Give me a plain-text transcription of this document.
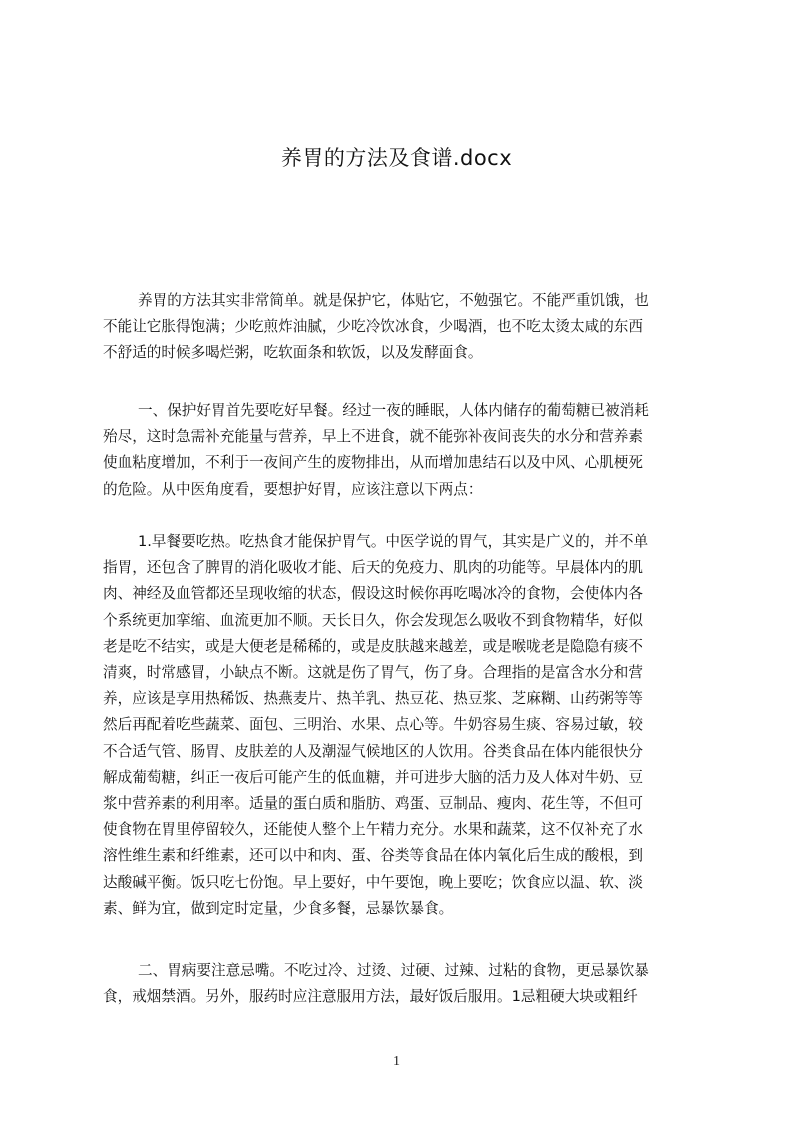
养胃的方法及食谱.docx
养胃的方法其实非常简单。就是保护它，体贴它，不勉强它。不能严重饥饿，也
不能让它胀得饱满；少吃煎炸油腻，少吃冷饮冰食，少喝酒，也不吃太烫太咸的东西
不舒适的时候多喝烂粥，吃软面条和软饭，以及发酵面食。
一、保护好胃首先要吃好早餐。经过一夜的睡眠，人体内储存的葡萄糖已被消耗
殆尽，这时急需补充能量与营养，早上不进食，就不能弥补夜间丧失的水分和营养素
使血粘度增加，不利于一夜间产生的废物排出，从而增加患结石以及中风、心肌梗死
的危险。从中医角度看，要想护好胃，应该注意以下两点：
1.早餐要吃热。吃热食才能保护胃气。中医学说的胃气，其实是广义的，并不单
指胃，还包含了脾胃的消化吸收才能、后天的免疫力、肌肉的功能等。早晨体内的肌
肉、神经及血管都还呈现收缩的状态，假设这时候你再吃喝冰冷的食物，会使体内各
个系统更加挛缩、血流更加不顺。天长日久，你会发现怎么吸收不到食物精华，好似
老是吃不结实，或是大便老是稀稀的，或是皮肤越来越差，或是喉咙老是隐隐有痰不
清爽，时常感冒，小缺点不断。这就是伤了胃气，伤了身。合理指的是富含水分和营
养，应该是享用热稀饭、热燕麦片、热羊乳、热豆花、热豆浆、芝麻糊、山药粥等等
然后再配着吃些蔬菜、面包、三明治、水果、点心等。牛奶容易生痰、容易过敏，较
不合适气管、肠胃、皮肤差的人及潮湿气候地区的人饮用。谷类食品在体内能很快分
解成葡萄糖，纠正一夜后可能产生的低血糖，并可进步大脑的活力及人体对牛奶、豆
浆中营养素的利用率。适量的蛋白质和脂肪、鸡蛋、豆制品、瘦肉、花生等，不但可
使食物在胃里停留较久，还能使人整个上午精力充分。水果和蔬菜，这不仅补充了水
溶性维生素和纤维素，还可以中和肉、蛋、谷类等食品在体内氧化后生成的酸根，到
达酸碱平衡。饭只吃七份饱。早上要好，中午要饱，晚上要吃；饮食应以温、软、淡
素、鲜为宜，做到定时定量，少食多餐，忌暴饮暴食。
二、胃病要注意忌嘴。不吃过冷、过烫、过硬、过辣、过粘的食物，更忌暴饮暴
食，戒烟禁酒。另外，服药时应注意服用方法，最好饭后服用。1忌粗硬大块或粗纤
1
